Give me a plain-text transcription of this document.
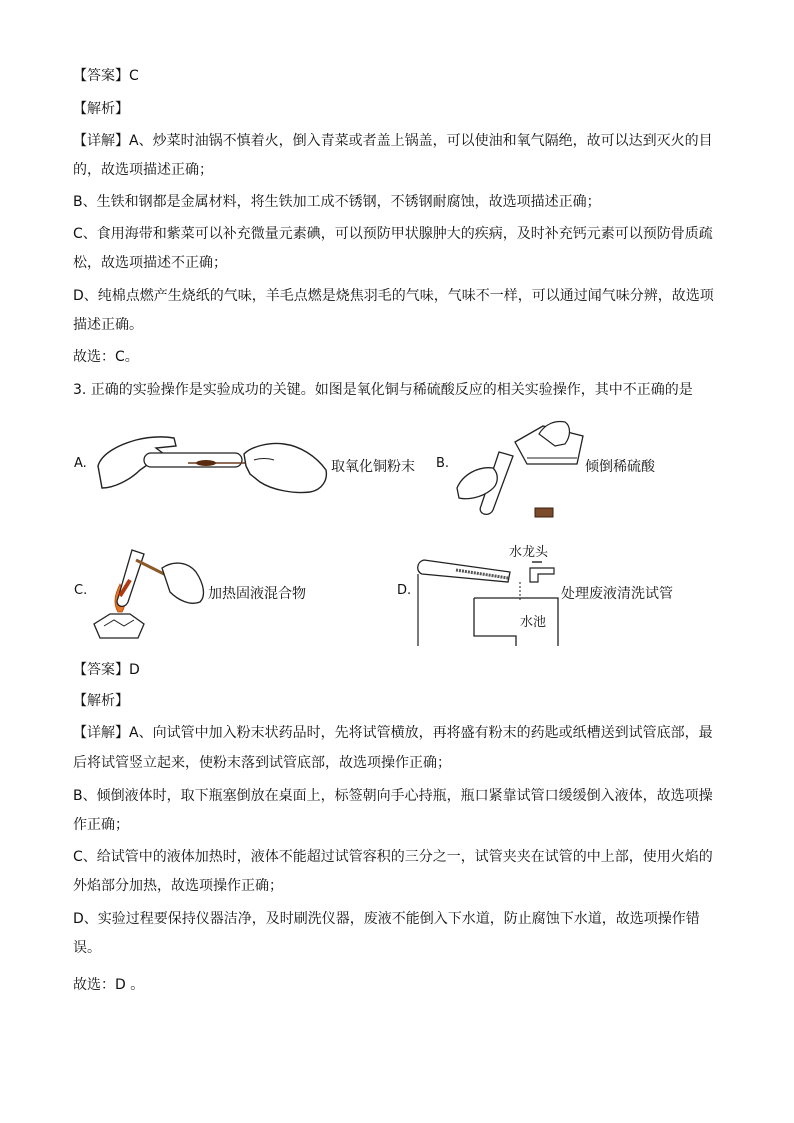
【答案】C
【解析】
【详解】A、炒菜时油锅不慎着火，倒入青菜或者盖上锅盖，可以使油和氧气隔绝，故可以达到灭火的目
的，故选项描述正确；
B、生铁和钢都是金属材料，将生铁加工成不锈钢，不锈钢耐腐蚀，故选项描述正确；
C、食用海带和紫菜可以补充微量元素碘，可以预防甲状腺肿大的疾病，及时补充钙元素可以预防骨质疏
松，故选项描述不正确；
D、纯棉点燃产生烧纸的气味，羊毛点燃是烧焦羽毛的气味，气味不一样，可以通过闻气味分辨，故选项
描述正确。
故选：C。
3. 正确的实验操作是实验成功的关键。如图是氧化铜与稀硫酸反应的相关实验操作，其中不正确的是
A.	取氧化铜粉末 B.	倾倒稀硫酸
C.	加热固液混合物	D.
水龙头
水池
处理废液清洗试管
【答案】D
【解析】
【详解】A、向试管中加入粉末状药品时，先将试管横放，再将盛有粉末的药匙或纸槽送到试管底部，最
后将试管竖立起来，使粉末落到试管底部，故选项操作正确；
B、倾倒液体时，取下瓶塞倒放在桌面上，标签朝向手心持瓶，瓶口紧靠试管口缓缓倒入液体，故选项操
作正确；
C、给试管中的液体加热时，液体不能超过试管容积的三分之一，试管夹夹在试管的中上部，使用火焰的
外焰部分加热，故选项操作正确；
D、实验过程要保持仪器洁净，及时刷洗仪器，废液不能倒入下水道，防止腐蚀下水道，故选项操作错
误。
故选：D 。
